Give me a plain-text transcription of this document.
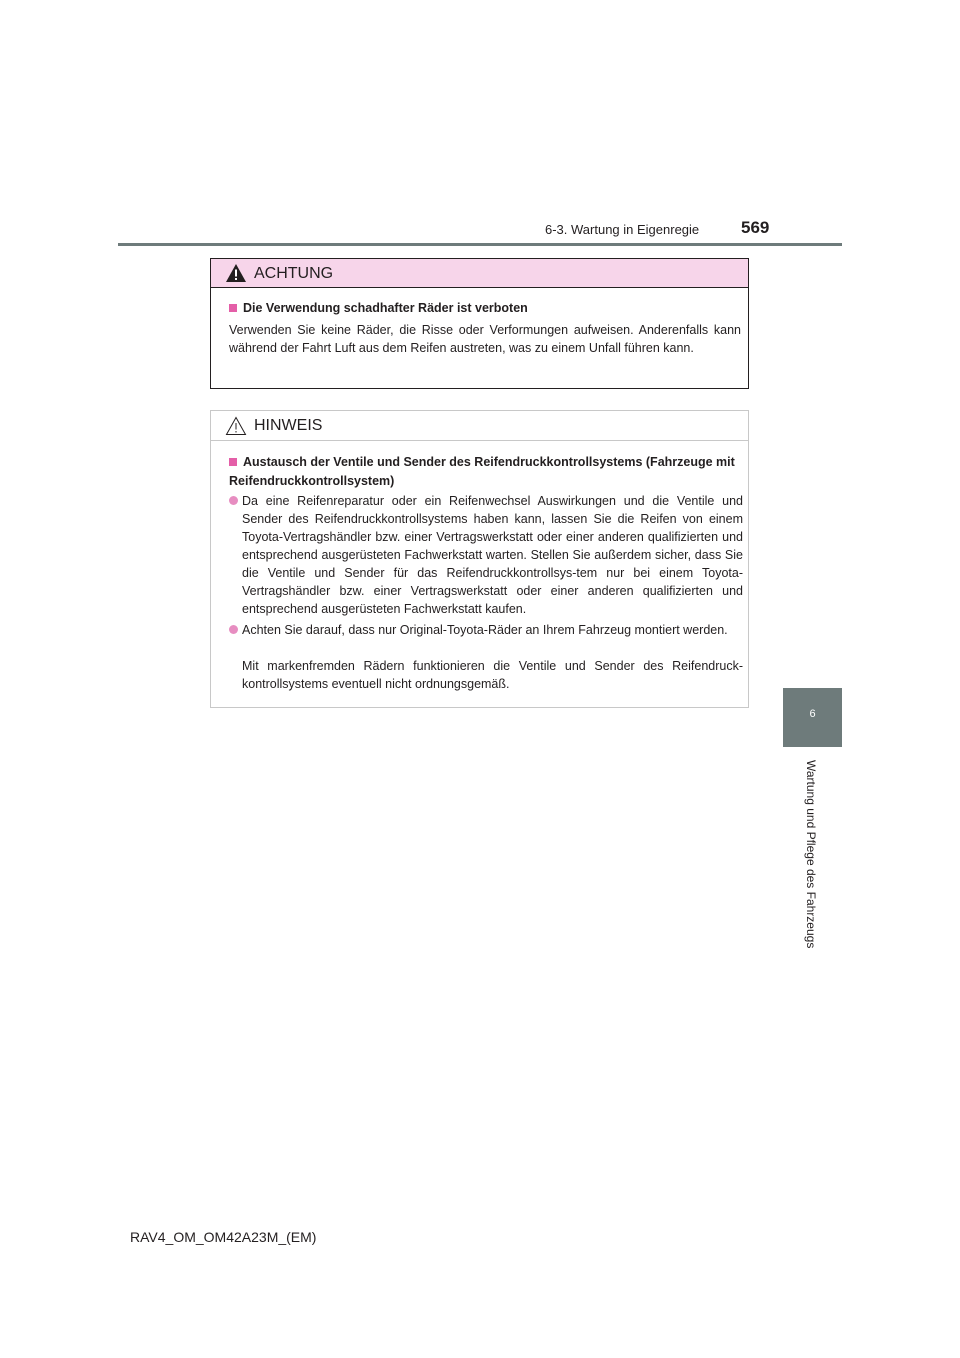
6-3. Wartung in Eigenregie 569
6
Wartung und Pflege des Fahrzeugs
ACHTUNG
Die Verwendung schadhafter Räder ist verboten
Verwenden Sie keine Räder, die Risse oder Verformungen aufweisen. Anderenfalls kann während der Fahrt Luft aus dem Reifen austreten, was zu einem Unfall führen kann.
HINWEIS
Austausch der Ventile und Sender des Reifendruckkontrollsystems (Fahrzeuge mit Reifendruckkontrollsystem)
Da eine Reifenreparatur oder ein Reifenwechsel Auswirkungen und die Ventile und Sender des Reifendruckkontrollsystems haben kann, lassen Sie die Reifen von einem Toyota-Vertragshändler bzw. einer Vertragswerkstatt oder einer anderen qualifizierten und entsprechend ausgerüsteten Fachwerkstatt warten. Stellen Sie außerdem sicher, dass Sie die Ventile und Sender für das Reifendruckkontrollsys-tem nur bei einem Toyota-Vertragshändler bzw. einer Vertragswerkstatt oder einer anderen qualifizierten und entsprechend ausgerüsteten Fachwerkstatt kaufen.
Achten Sie darauf, dass nur Original-Toyota-Räder an Ihrem Fahrzeug montiert werden.
Mit markenfremden Rädern funktionieren die Ventile und Sender des Reifendruck-kontrollsystems eventuell nicht ordnungsgemäß.
RAV4_OM_OM42A23M_(EM)
